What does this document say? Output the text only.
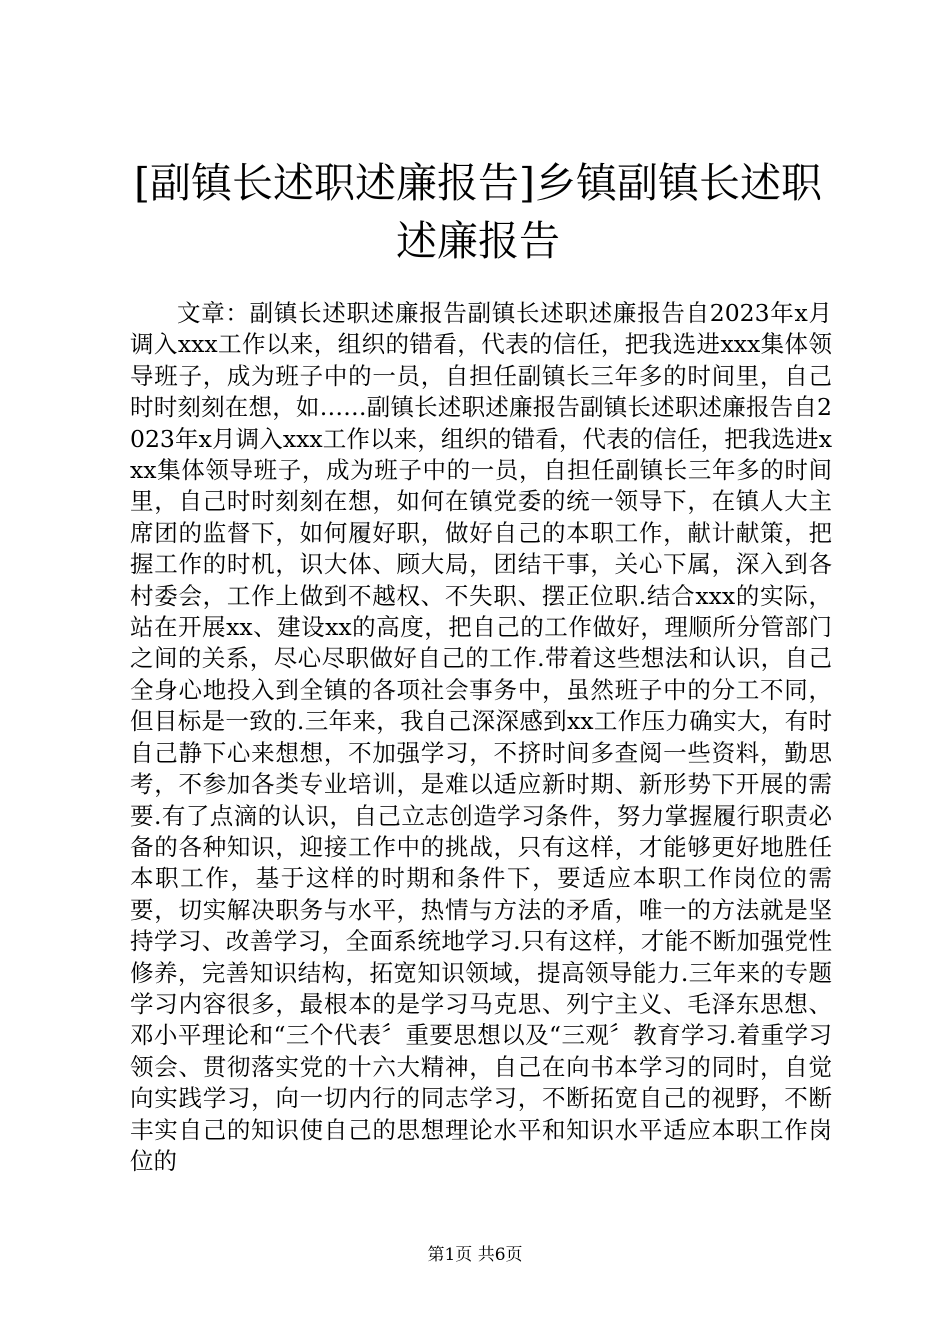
[副镇长述职述廉报告]乡镇副镇长述职述廉报告

文章：副镇长述职述廉报告副镇长述职述廉报告自2023年x月调入xxx工作以来，组织的错看，代表的信任，把我选进xxx集体领导班子，成为班子中的一员，自担任副镇长三年多的时间里，自己时时刻刻在想，如……副镇长述职述廉报告副镇长述职述廉报告自2023年x月调入xxx工作以来，组织的错看，代表的信任，把我选进xxx集体领导班子，成为班子中的一员，自担任副镇长三年多的时间里，自己时时刻刻在想，如何在镇党委的统一领导下，在镇人大主席团的监督下，如何履好职，做好自己的本职工作，献计献策，把握工作的时机，识大体、顾大局，团结干事，关心下属，深入到各村委会，工作上做到不越权、不失职、摆正位职.结合xxx的实际，站在开展xx、建设xx的高度，把自己的工作做好，理顺所分管部门之间的关系，尽心尽职做好自己的工作.带着这些想法和认识，自己全身心地投入到全镇的各项社会事务中，虽然班子中的分工不同，但目标是一致的.三年来，我自己深深感到xx工作压力确实大，有时自己静下心来想想，不加强学习，不挤时间多查阅一些资料，勤思考，不参加各类专业培训，是难以适应新时期、新形势下开展的需要.有了点滴的认识，自己立志创造学习条件，努力掌握履行职责必备的各种知识，迎接工作中的挑战，只有这样，才能够更好地胜任本职工作，基于这样的时期和条件下，要适应本职工作岗位的需要，切实解决职务与水平，热情与方法的矛盾，唯一的方法就是坚持学习、改善学习，全面系统地学习.只有这样，才能不断加强党性修养，完善知识结构，拓宽知识领域，提高领导能力.三年来的专题学习内容很多，最根本的是学习马克思、列宁主义、毛泽东思想、邓小平理论和“三个代表〞重要思想以及“三观〞教育学习.着重学习领会、贯彻落实党的十六大精神，自己在向书本学习的同时，自觉向实践学习，向一切内行的同志学习，不断拓宽自己的视野，不断丰实自己的知识使自己的思想理论水平和知识水平适应本职工作岗位的

第1页 共6页
